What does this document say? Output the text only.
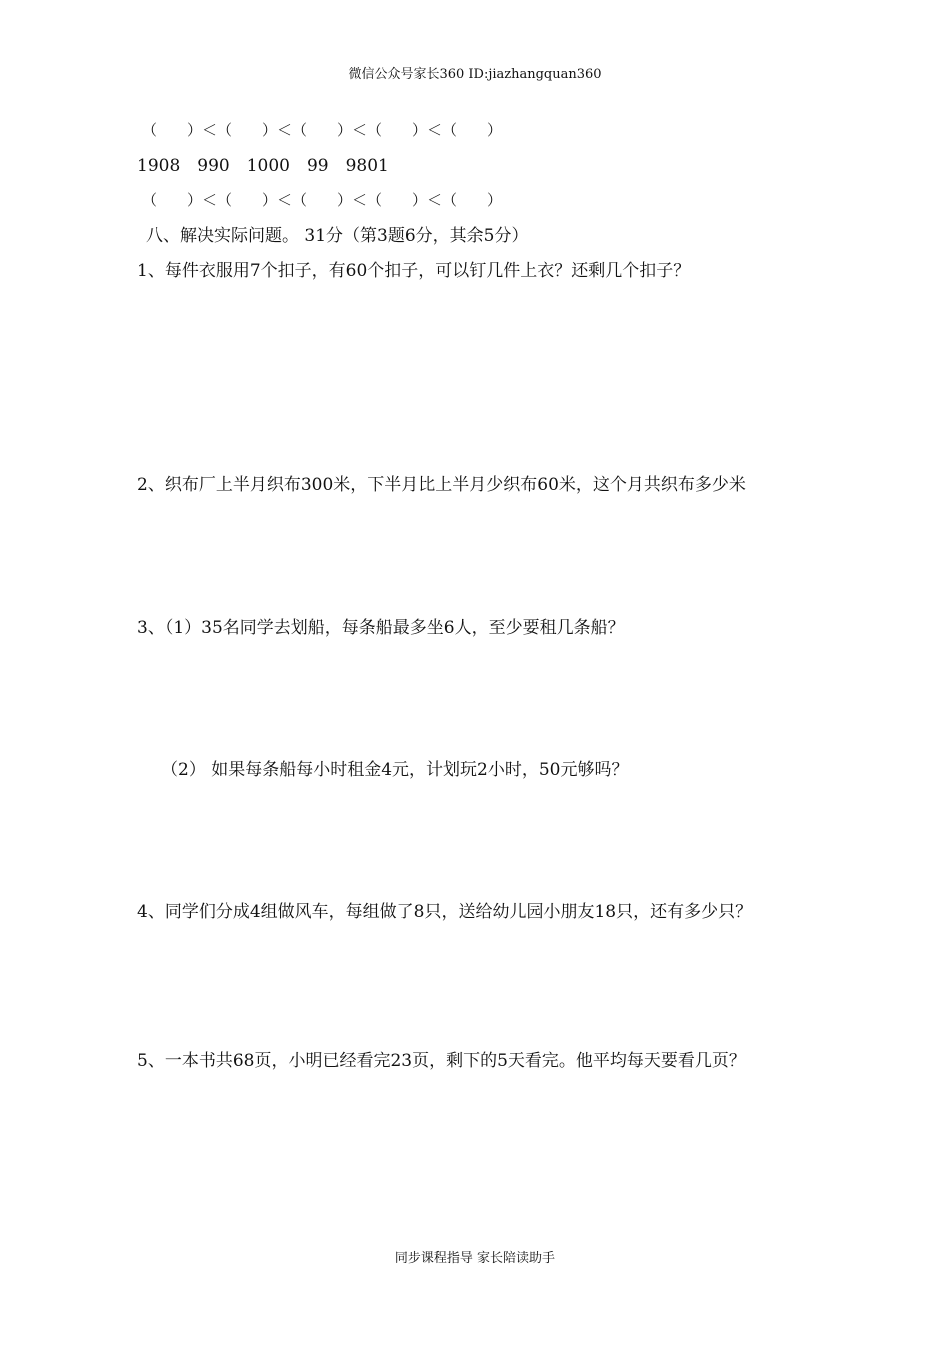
微信公众号家长360 ID:jiazhangquan360
（　　）＜（　　）＜（　　）＜（　　）＜（　　）
1908　990　1000　99　9801
（　　）＜（　　）＜（　　）＜（　　）＜（　　）
八、解决实际问题。 31分（第3题6分，其余5分）
1、每件衣服用7个扣子，有60个扣子，可以钉几件上衣？还剩几个扣子？
2、织布厂上半月织布300米，下半月比上半月少织布60米，这个月共织布多少米
3、（1）35名同学去划船，每条船最多坐6人，至少要租几条船？
（2） 如果每条船每小时租金4元，计划玩2小时，50元够吗？
4、同学们分成4组做风车，每组做了8只，送给幼儿园小朋友18只，还有多少只？
5、一本书共68页，小明已经看完23页，剩下的5天看完。他平均每天要看几页？
同步课程指导 家长陪读助手
